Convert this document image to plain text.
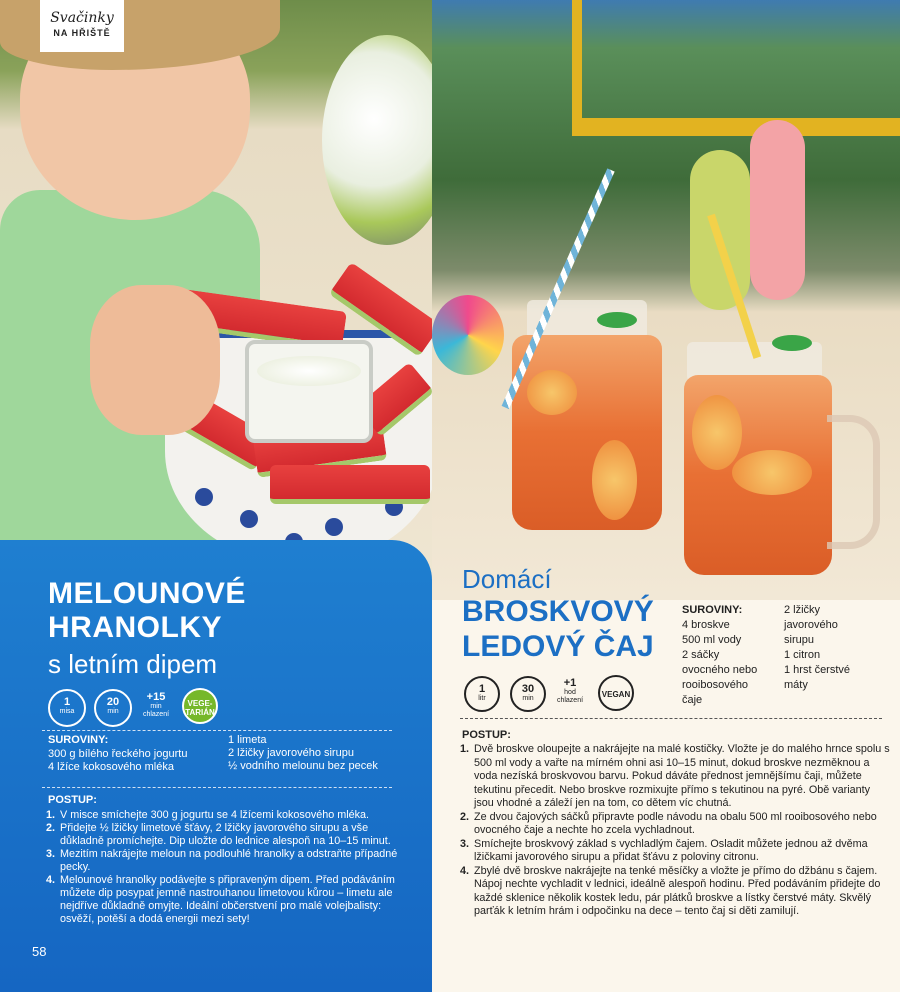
Svačinky
NA HŘIŠTĚ
MELOUNOVÉ
HRANOLKY
s letním dipem
1
misa
20
min
+15
min
chlazení
VEGE-
TARIÁN
SUROVINY:
300 g bílého řeckého jogurtu
4 lžíce kokosového mléka
1 limeta
2 lžičky javorového sirupu
½ vodního melounu bez pecek
POSTUP:
1. V misce smíchejte 300 g jogurtu se 4 lžícemi kokosového mléka.
2. Přidejte ½ lžičky limetové šťávy, 2 lžičky javorového sirupu a vše důkladně promíchejte. Dip uložte do lednice alespoň na 10–15 minut.
3. Mezitím nakrájejte meloun na podlouhlé hranolky a odstraňte případné pecky.
4. Melounové hranolky podávejte s připraveným dipem. Před podáváním můžete dip posypat jemně nastrouhanou limetovou kůrou – limetu ale nejdříve důkladně omyjte. Ideální občerstvení pro malé volejbalisty: osvěží, potěší a dodá energii mezi sety!
58
Domácí
BROSKVOVÝ
LEDOVÝ ČAJ
1
litr
30
min
+1
hod
chlazení
VEGAN
SUROVINY:
4 broskve
500 ml vody
2 sáčky
ovocného nebo
rooibosového
čaje
2 lžičky
javorového
sirupu
1 citron
1 hrst čerstvé
máty
POSTUP:
1. Dvě broskve oloupejte a nakrájejte na malé kostičky. Vložte je do malého hrnce spolu s 500 ml vody a vařte na mírném ohni asi 10–15 minut, dokud broskve nezměknou a voda nezíská broskvovou barvu. Pokud dáváte přednost jemnějšímu čaji, můžete tekutinu přecedit. Nebo broskve rozmixujte přímo s tekutinou na pyré. Obě varianty jsou vhodné a záleží jen na tom, co dětem víc chutná.
2. Ze dvou čajových sáčků připravte podle návodu na obalu 500 ml rooibosového nebo ovocného čaje a nechte ho zcela vychladnout.
3. Smíchejte broskvový základ s vychladlým čajem. Osladit můžete jednou až dvěma lžičkami javorového sirupu a přidat šťávu z poloviny citronu.
4. Zbylé dvě broskve nakrájejte na tenké měsíčky a vložte je přímo do džbánu s čajem. Nápoj nechte vychladit v lednici, ideálně alespoň hodinu. Před podáváním přidejte do každé sklenice několik kostek ledu, pár plátků broskve a lístky čerstvé máty. Skvělý parťák k letním hrám i odpočinku na dece – tento čaj si děti zamilují.
